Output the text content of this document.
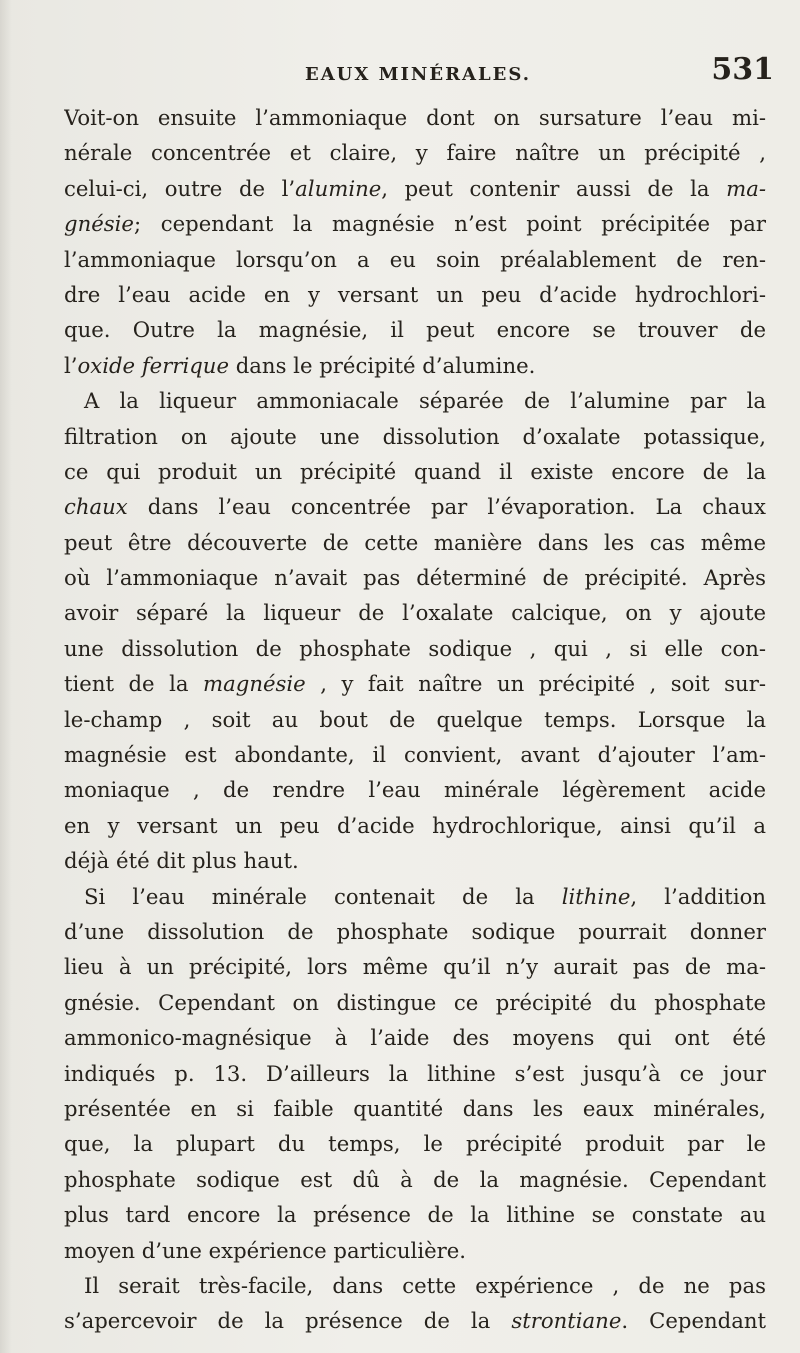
EAUX MINÉRALES.	531
Voit-on ensuite l’ammoniaque dont on sursature l’eau mi-
nérale concentrée et claire, y faire naître un précipité ,
celui-ci, outre de l’alumine, peut contenir aussi de la ma-
gnésie; cependant la magnésie n’est point précipitée par
l’ammoniaque lorsqu’on a eu soin préalablement de ren-
dre l’eau acide en y versant un peu d’acide hydrochlori-
que. Outre la magnésie, il peut encore se trouver de
l’oxide ferrique dans le précipité d’alumine.
A la liqueur ammoniacale séparée de l’alumine par la
filtration on ajoute une dissolution d’oxalate potassique,
ce qui produit un précipité quand il existe encore de la
chaux dans l’eau concentrée par l’évaporation. La chaux
peut être découverte de cette manière dans les cas même
où l’ammoniaque n’avait pas déterminé de précipité. Après
avoir séparé la liqueur de l’oxalate calcique, on y ajoute
une dissolution de phosphate sodique , qui , si elle con-
tient de la magnésie , y fait naître un précipité , soit sur-
le-champ , soit au bout de quelque temps. Lorsque la
magnésie est abondante, il convient, avant d’ajouter l’am-
moniaque , de rendre l’eau minérale légèrement acide
en y versant un peu d’acide hydrochlorique, ainsi qu’il a
déjà été dit plus haut.
Si l’eau minérale contenait de la lithine, l’addition
d’une dissolution de phosphate sodique pourrait donner
lieu à un précipité, lors même qu’il n’y aurait pas de ma-
gnésie. Cependant on distingue ce précipité du phosphate
ammonico-magnésique à l’aide des moyens qui ont été
indiqués p. 13. D’ailleurs la lithine s’est jusqu’à ce jour
présentée en si faible quantité dans les eaux minérales,
que, la plupart du temps, le précipité produit par le
phosphate sodique est dû à de la magnésie. Cependant
plus tard encore la présence de la lithine se constate au
moyen d’une expérience particulière.
Il serait très-facile, dans cette expérience , de ne pas
s’apercevoir de la présence de la strontiane. Cependant
